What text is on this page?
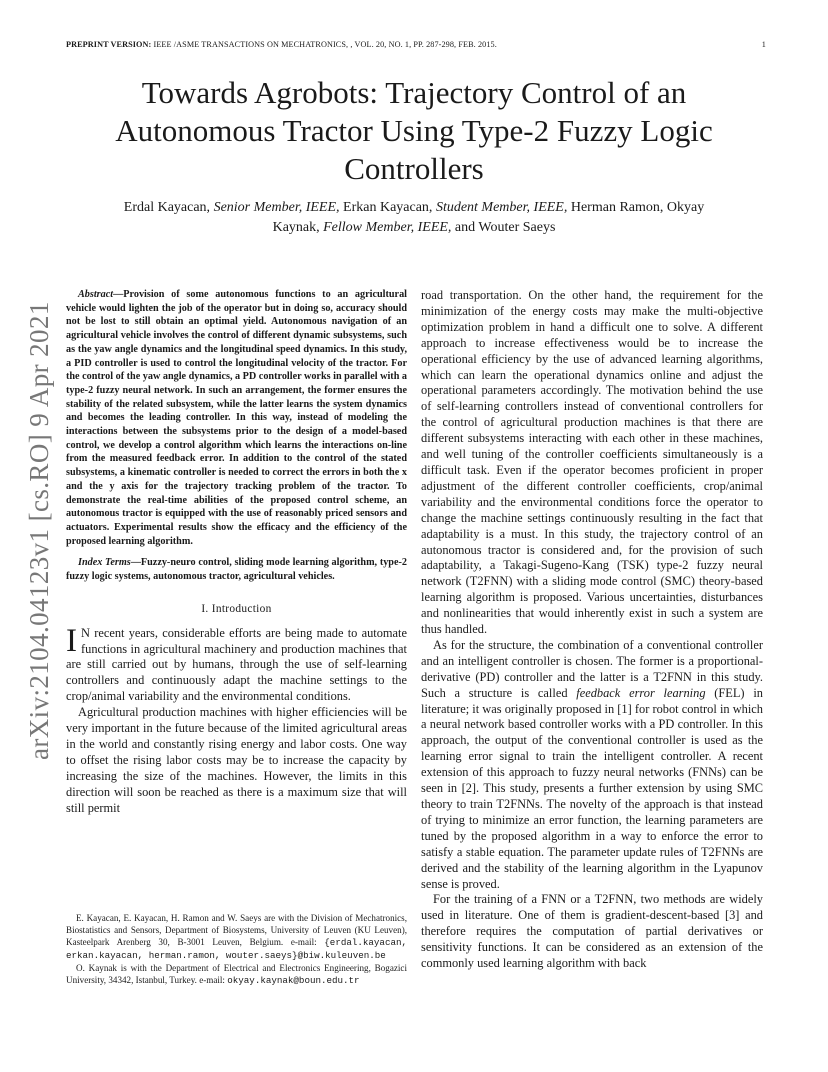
PREPRINT VERSION: IEEE /ASME TRANSACTIONS ON MECHATRONICS, , VOL. 20, NO. 1, PP. 287-298, FEB. 2015.	1
Towards Agrobots: Trajectory Control of an Autonomous Tractor Using Type-2 Fuzzy Logic Controllers
Erdal Kayacan, Senior Member, IEEE, Erkan Kayacan, Student Member, IEEE, Herman Ramon, Okyay Kaynak, Fellow Member, IEEE, and Wouter Saeys
arXiv:2104.04123v1 [cs.RO] 9 Apr 2021

Abstract—Provision of some autonomous functions to an agricultural vehicle would lighten the job of the operator but in doing so, accuracy should not be lost to still obtain an optimal yield. Autonomous navigation of an agricultural vehicle involves the control of different dynamic subsystems, such as the yaw angle dynamics and the longitudinal speed dynamics. In this study, a PID controller is used to control the longitudinal velocity of the tractor. For the control of the yaw angle dynamics, a PD controller works in parallel with a type-2 fuzzy neural network. In such an arrangement, the former ensures the stability of the related subsystem, while the latter learns the system dynamics and becomes the leading controller. In this way, instead of modeling the interactions between the subsystems prior to the design of a model-based control, we develop a control algorithm which learns the interactions on-line from the measured feedback error. In addition to the control of the stated subsystems, a kinematic controller is needed to correct the errors in both the x and the y axis for the trajectory tracking problem of the tractor. To demonstrate the real-time abilities of the proposed control scheme, an autonomous tractor is equipped with the use of reasonably priced sensors and actuators. Experimental results show the efficacy and the efficiency of the proposed learning algorithm.

Index Terms—Fuzzy-neuro control, sliding mode learning algorithm, type-2 fuzzy logic systems, autonomous tractor, agricultural vehicles.

I. Introduction

I N recent years, considerable efforts are being made to automate functions in agricultural machinery and production machines that are still carried out by humans, through the use of self-learning controllers and continuously adapt the machine settings to the crop/animal variability and the environmental conditions.

Agricultural production machines with higher efficiencies will be very important in the future because of the limited agricultural areas in the world and constantly rising energy and labor costs. One way to offset the rising labor costs may be to increase the capacity by increasing the size of the machines. However, the limits in this direction will soon be reached as there is a maximum size that will still permit

E. Kayacan, E. Kayacan, H. Ramon and W. Saeys are with the Division of Mechatronics, Biostatistics and Sensors, Department of Biosystems, University of Leuven (KU Leuven), Kasteelpark Arenberg 30, B-3001 Leuven, Belgium. e-mail: {erdal.kayacan, erkan.kayacan, herman.ramon, wouter.saeys}@biw.kuleuven.be

O. Kaynak is with the Department of Electrical and Electronics Engineering, Bogazici University, 34342, Istanbul, Turkey. e-mail: okyay.kaynak@boun.edu.tr

road transportation. On the other hand, the requirement for the minimization of the energy costs may make the multi-objective optimization problem in hand a difficult one to solve. A different approach to increase effectiveness would be to increase the operational efficiency by the use of advanced learning algorithms, which can learn the operational dynamics online and adjust the operational parameters accordingly. The motivation behind the use of self-learning controllers instead of conventional controllers for the control of agricultural production machines is that there are different subsystems interacting with each other in these machines, and well tuning of the controller coefficients simultaneously is a difficult task. Even if the operator becomes proficient in proper adjustment of the different controller coefficients, crop/animal variability and the environmental conditions force the operator to change the machine settings continuously resulting in the fact that adaptability is a must. In this study, the trajectory control of an autonomous tractor is considered and, for the provision of such adaptability, a Takagi-Sugeno-Kang (TSK) type-2 fuzzy neural network (T2FNN) with a sliding mode control (SMC) theory-based learning algorithm is proposed. Various uncertainties, disturbances and nonlinearities that would inherently exist in such a system are thus handled.

As for the structure, the combination of a conventional controller and an intelligent controller is chosen. The former is a proportional-derivative (PD) controller and the latter is a T2FNN in this study. Such a structure is called feedback error learning (FEL) in literature; it was originally proposed in [1] for robot control in which a neural network based controller works with a PD controller. In this approach, the output of the conventional controller is used as the learning error signal to train the intelligent controller. A recent extension of this approach to fuzzy neural networks (FNNs) can be seen in [2]. This study, presents a further extension by using SMC theory to train T2FNNs. The novelty of the approach is that instead of trying to minimize an error function, the learning parameters are tuned by the proposed algorithm in a way to enforce the error to satisfy a stable equation. The parameter update rules of T2FNNs are derived and the stability of the learning algorithm in the Lyapunov sense is proved.

For the training of a FNN or a T2FNN, two methods are widely used in literature. One of them is gradient-descent-based [3] and therefore requires the computation of partial derivatives or sensitivity functions. It can be considered as an extension of the commonly used learning algorithm with back
